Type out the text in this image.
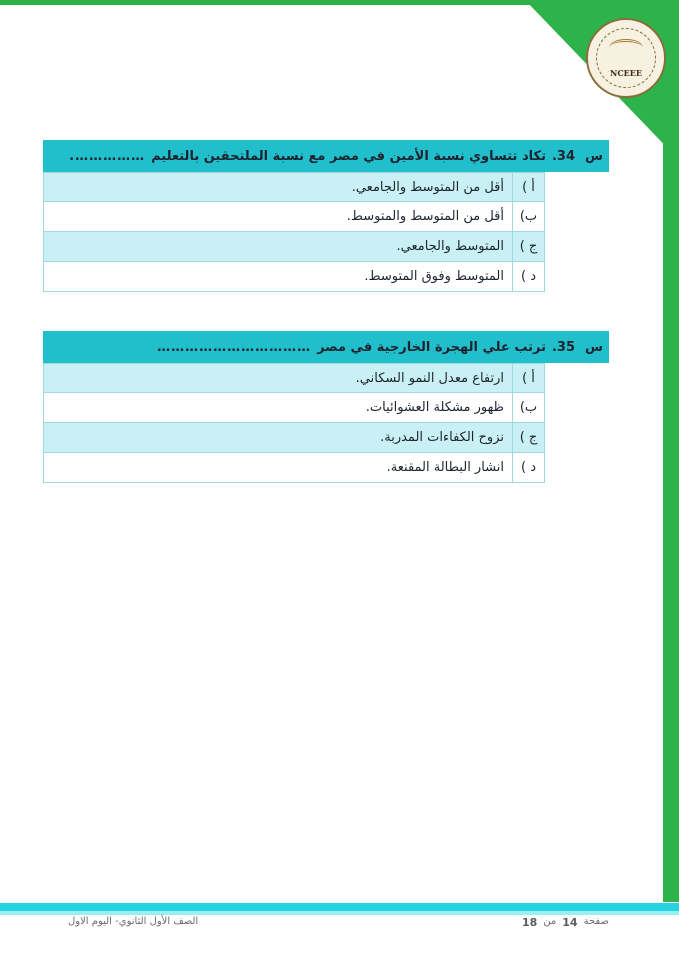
NCEEE
س
34.
تكاد تتساوي نسبة الأمين في مصر مع نسبة الملتحقين بالتعليم
…………….
أ )
أقل من المتوسط والجامعي.
ب)
أقل من المتوسط والمتوسط.
ج )
المتوسط والجامعي.
د )
المتوسط وفوق المتوسط.
س
35.
ترتب علي الهجرة الخارجية في مصر
……………………………
أ )
ارتفاع معدل النمو السكاني.
ب)
ظهور مشكلة العشوائيات.
ج )
نزوح الكفاءات المدربة.
د )
انشار البطالة المقنعة.
الصف الأول الثانوي- اليوم الاول	صفحة
14
من
18
